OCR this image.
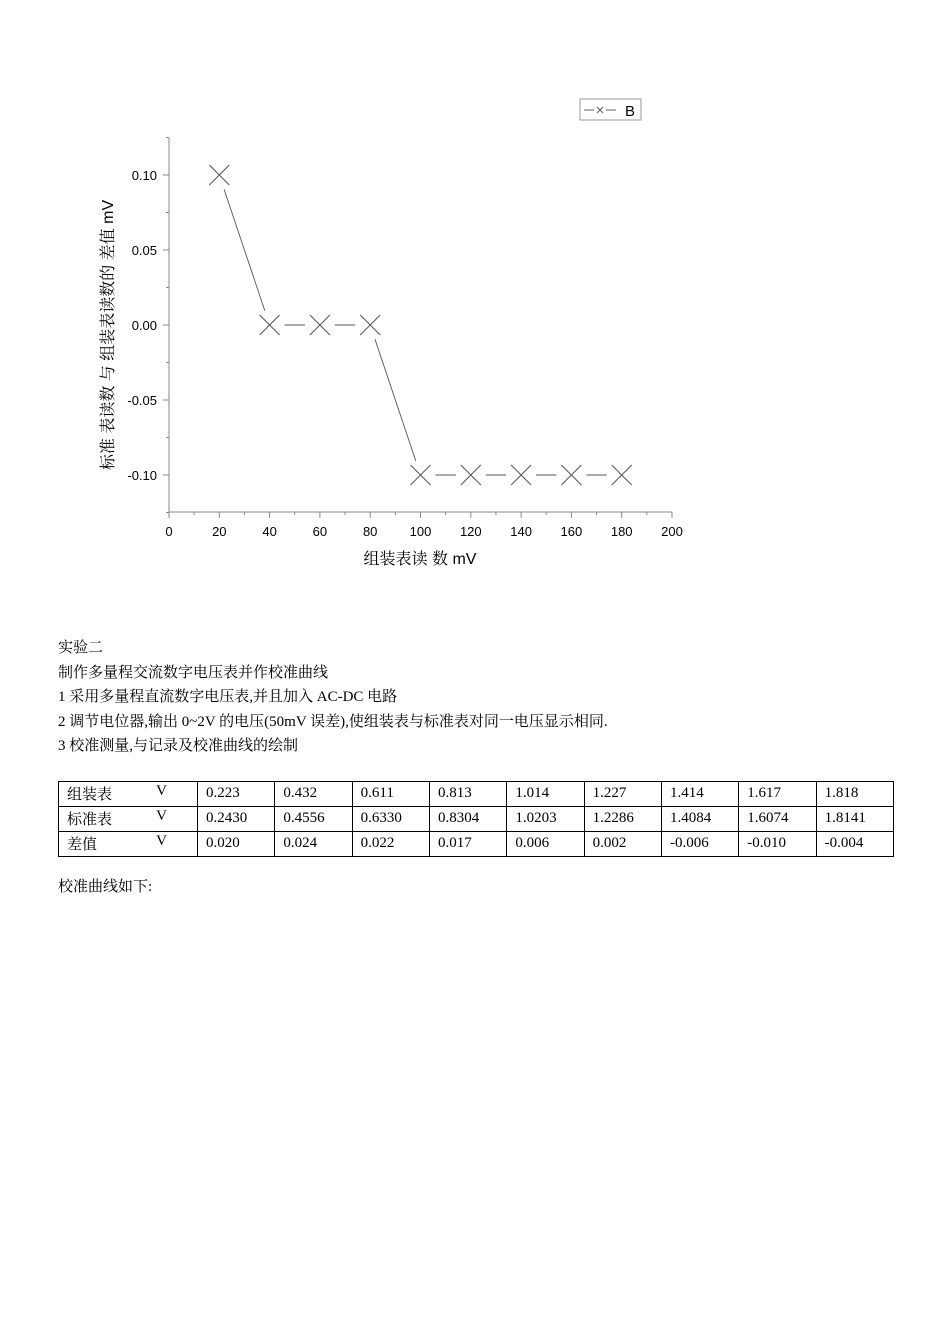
0.10
0.05
0.00
-0.05
-0.10
0	20	40	60	80 100 120 140 160 180 200
B
组装表读 数 mV
标准 表读数 与 组装表读数的 差值 mV

实验二

制作多量程交流数字电压表并作校准曲线

1 采用多量程直流数字电压表,并且加入 AC-DC 电路

2 调节电位器,输出 0~2V 的电压(50mV 误差),使组装表与标准表对同一电压显示相同.

3 校准测量,与记录及校准曲线的绘制

组装表 V	0.223	0.432	0.611	0.813	1.014	1.227	1.414	1.617	1.818

标准表 V	0.2430	0.4556	0.6330	0.8304	1.0203	1.2286	1.4084	1.6074	1.8141

差值 V	0.020	0.024	0.022	0.017	0.006	0.002	-0.006	-0.010	-0.004

校准曲线如下:
